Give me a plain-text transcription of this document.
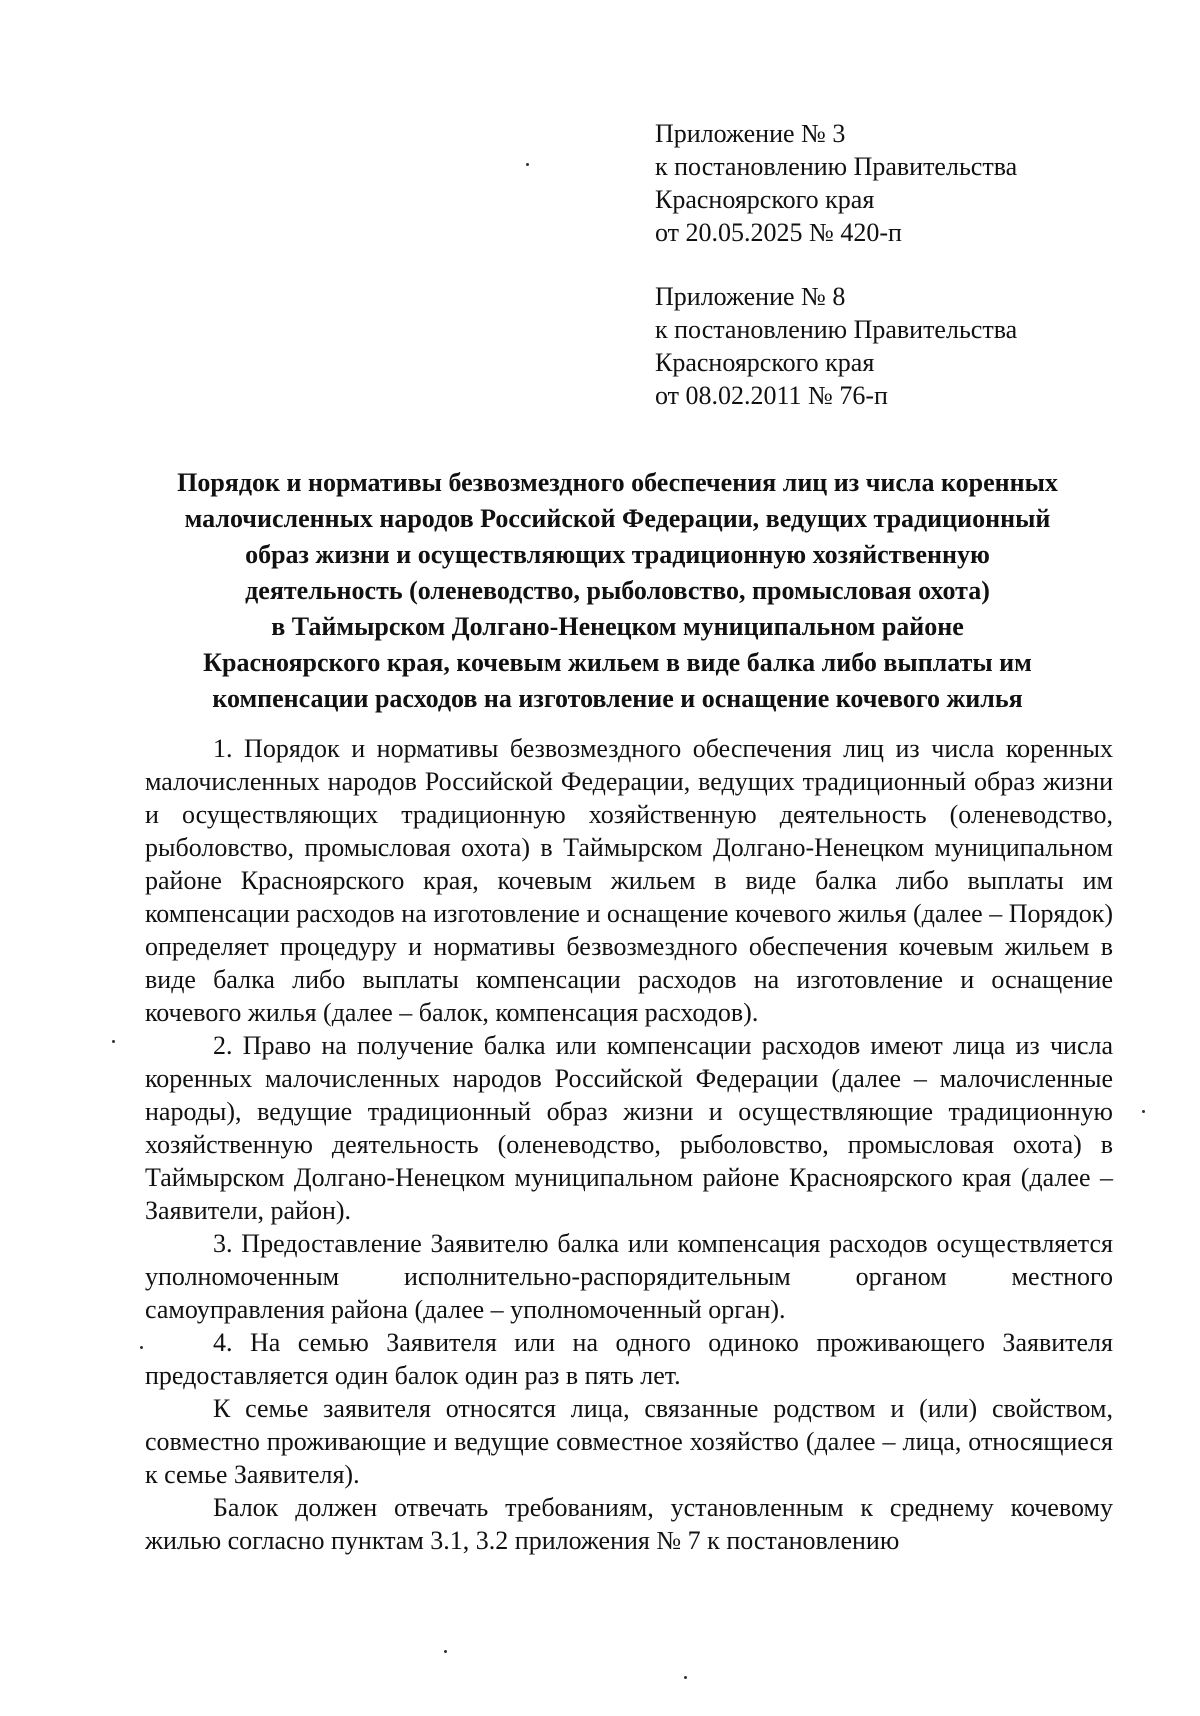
Приложение № 3
к постановлению Правительства
Красноярского края
от 20.05.2025 № 420-п
Приложение № 8
к постановлению Правительства
Красноярского края
от 08.02.2011 № 76-п
Порядок и нормативы безвозмездного обеспечения лиц из числа коренных
малочисленных народов Российской Федерации, ведущих традиционный
образ жизни и осуществляющих традиционную хозяйственную
деятельность (оленеводство, рыболовство, промысловая охота)
в Таймырском Долгано-Ненецком муниципальном районе
Красноярского края, кочевым жильем в виде балка либо выплаты им
компенсации расходов на изготовление и оснащение кочевого жилья

1. Порядок и нормативы безвозмездного обеспечения лиц из числа коренных малочисленных народов Российской Федерации, ведущих традиционный образ жизни и осуществляющих традиционную хозяйственную деятельность (оленеводство, рыболовство, промысловая охота) в Таймырском Долгано-Ненецком муниципальном районе Красноярского края, кочевым жильем в виде балка либо выплаты им компенсации расходов на изготовление и оснащение кочевого жилья (далее – Порядок) определяет процедуру и нормативы безвозмездного обеспечения кочевым жильем в виде балка либо выплаты компенсации расходов на изготовление и оснащение кочевого жилья (далее – балок, компенсация расходов).

2. Право на получение балка или компенсации расходов имеют лица из числа коренных малочисленных народов Российской Федерации (далее – малочисленные народы), ведущие традиционный образ жизни и осуществляющие традиционную хозяйственную деятельность (оленеводство, рыболовство, промысловая охота) в Таймырском Долгано-Ненецком муниципальном районе Красноярского края (далее – Заявители, район).

3. Предоставление Заявителю балка или компенсация расходов осуществляется уполномоченным исполнительно-распорядительным органом местного самоуправления района (далее – уполномоченный орган).

4. На семью Заявителя или на одного одиноко проживающего Заявителя предоставляется один балок один раз в пять лет.

К семье заявителя относятся лица, связанные родством и (или) свойством, совместно проживающие и ведущие совместное хозяйство (далее – лица, относящиеся к семье Заявителя).

Балок должен отвечать требованиям, установленным к среднему кочевому жилью согласно пунктам 3.1, 3.2 приложения № 7 к постановлению
